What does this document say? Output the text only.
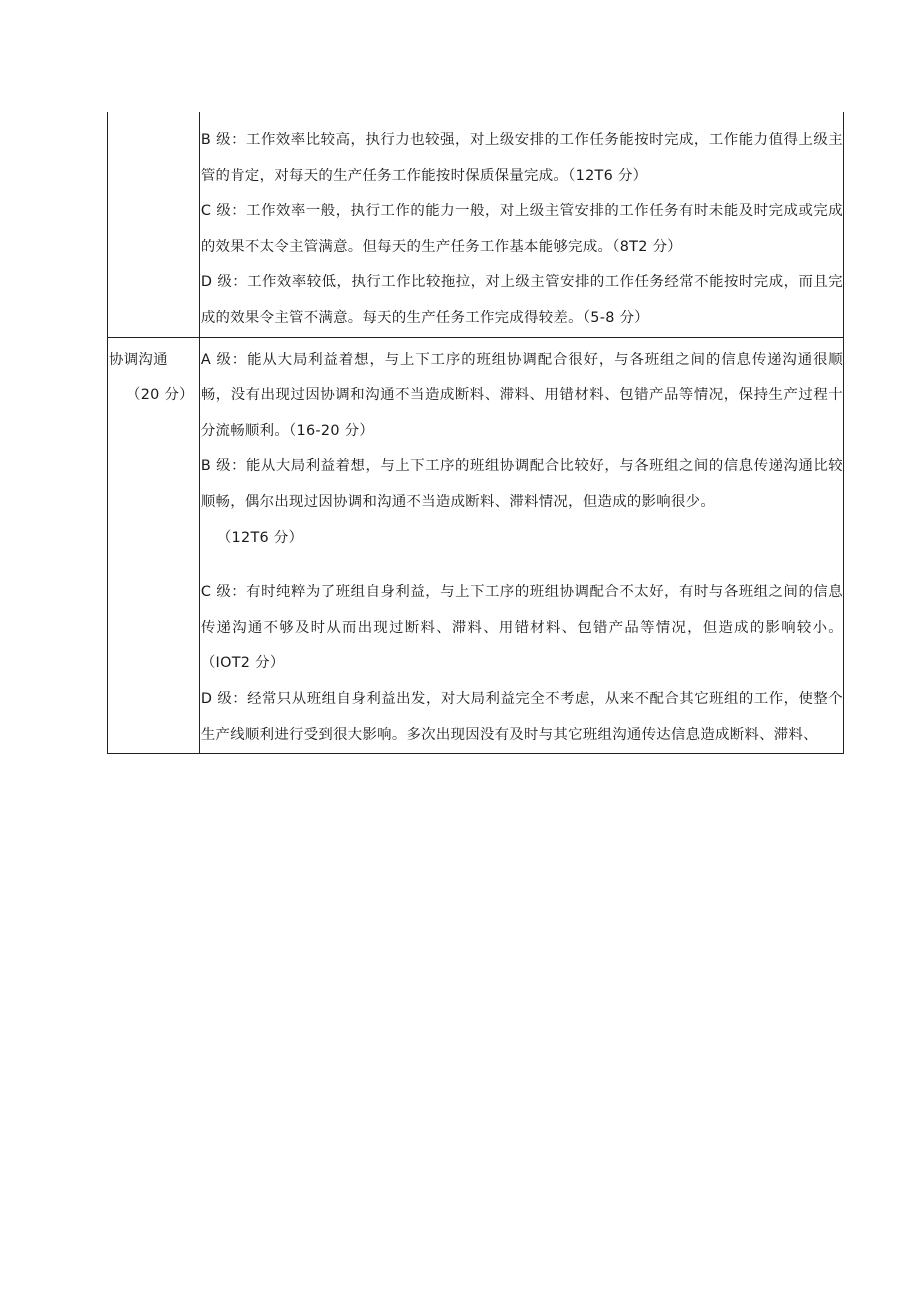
	B 级：工作效率比较高，执行力也较强，对上级安排的工作任务能按时完成，工作能力值得上级主管的肯定，对每天的生产任务工作能按时保质保量完成。（12T6 分）
C 级：工作效率一般，执行工作的能力一般，对上级主管安排的工作任务有时未能及时完成或完成的效果不太令主管满意。但每天的生产任务工作基本能够完成。（8T2 分）
D 级：工作效率较低，执行工作比较拖拉，对上级主管安排的工作任务经常不能按时完成，而且完成的效果令主管不满意。每天的生产任务工作完成得较差。（5-8 分）

协调沟通
（20 分）	A 级：能从大局利益着想，与上下工序的班组协调配合很好，与各班组之间的信息传递沟通很顺畅，没有出现过因协调和沟通不当造成断料、滞料、用错材料、包错产品等情况，保持生产过程十分流畅顺利。（16-20 分）
B 级：能从大局利益着想，与上下工序的班组协调配合比较好，与各班组之间的信息传递沟通比较顺畅，偶尔出现过因协调和沟通不当造成断料、滞料情况，但造成的影响很少。
（12T6 分）
C 级：有时纯粹为了班组自身利益，与上下工序的班组协调配合不太好，有时与各班组之间的信息传递沟通不够及时从而出现过断料、滞料、用错材料、包错产品等情况，但造成的影响较小。（IOT2 分）
D 级：经常只从班组自身利益出发，对大局利益完全不考虑，从来不配合其它班组的工作，使整个生产线顺利进行受到很大影响。多次出现因没有及时与其它班组沟通传达信息造成断料、滞料、
